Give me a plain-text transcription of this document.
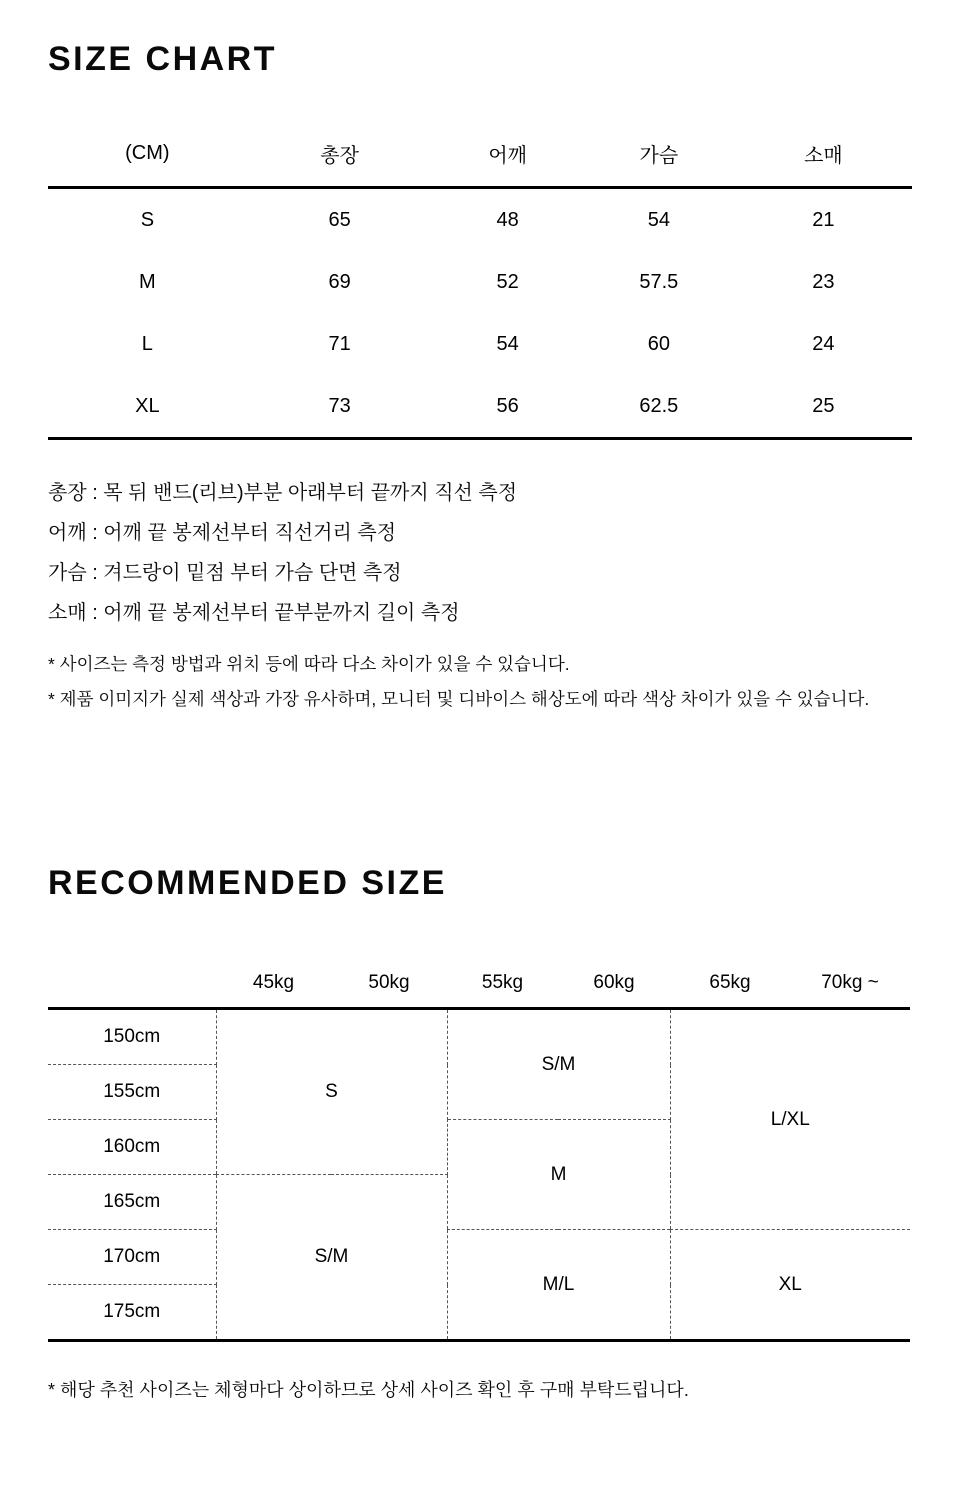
SIZE CHART
(CM)	총장	어깨	가슴	소매
S	65	48	54	21
M	69	52	57.5	23
L	71	54	60	24
XL	73	56	62.5	25

총장 : 목 뒤 밴드(리브)부분 아래부터 끝까지 직선 측정

어깨 : 어깨 끝 봉제선부터 직선거리 측정

가슴 : 겨드랑이 밑점 부터 가슴 단면 측정

소매 : 어깨 끝 봉제선부터 끝부분까지 길이 측정

* 사이즈는 측정 방법과 위치 등에 따라 다소 차이가 있을 수 있습니다.

* 제품 이미지가 실제 색상과 가장 유사하며, 모니터 및 디바이스 해상도에 따라 색상 차이가 있을 수 있습니다.

RECOMMENDED SIZE
	45kg	50kg	55kg	60kg	65kg	70kg ~
150cm	S		S/M		L/XL	
155cm						
160cm			M			
165cm	S/M					
170cm			M/L		XL	
175cm						

* 해당 추천 사이즈는 체형마다 상이하므로 상세 사이즈 확인 후 구매 부탁드립니다.
